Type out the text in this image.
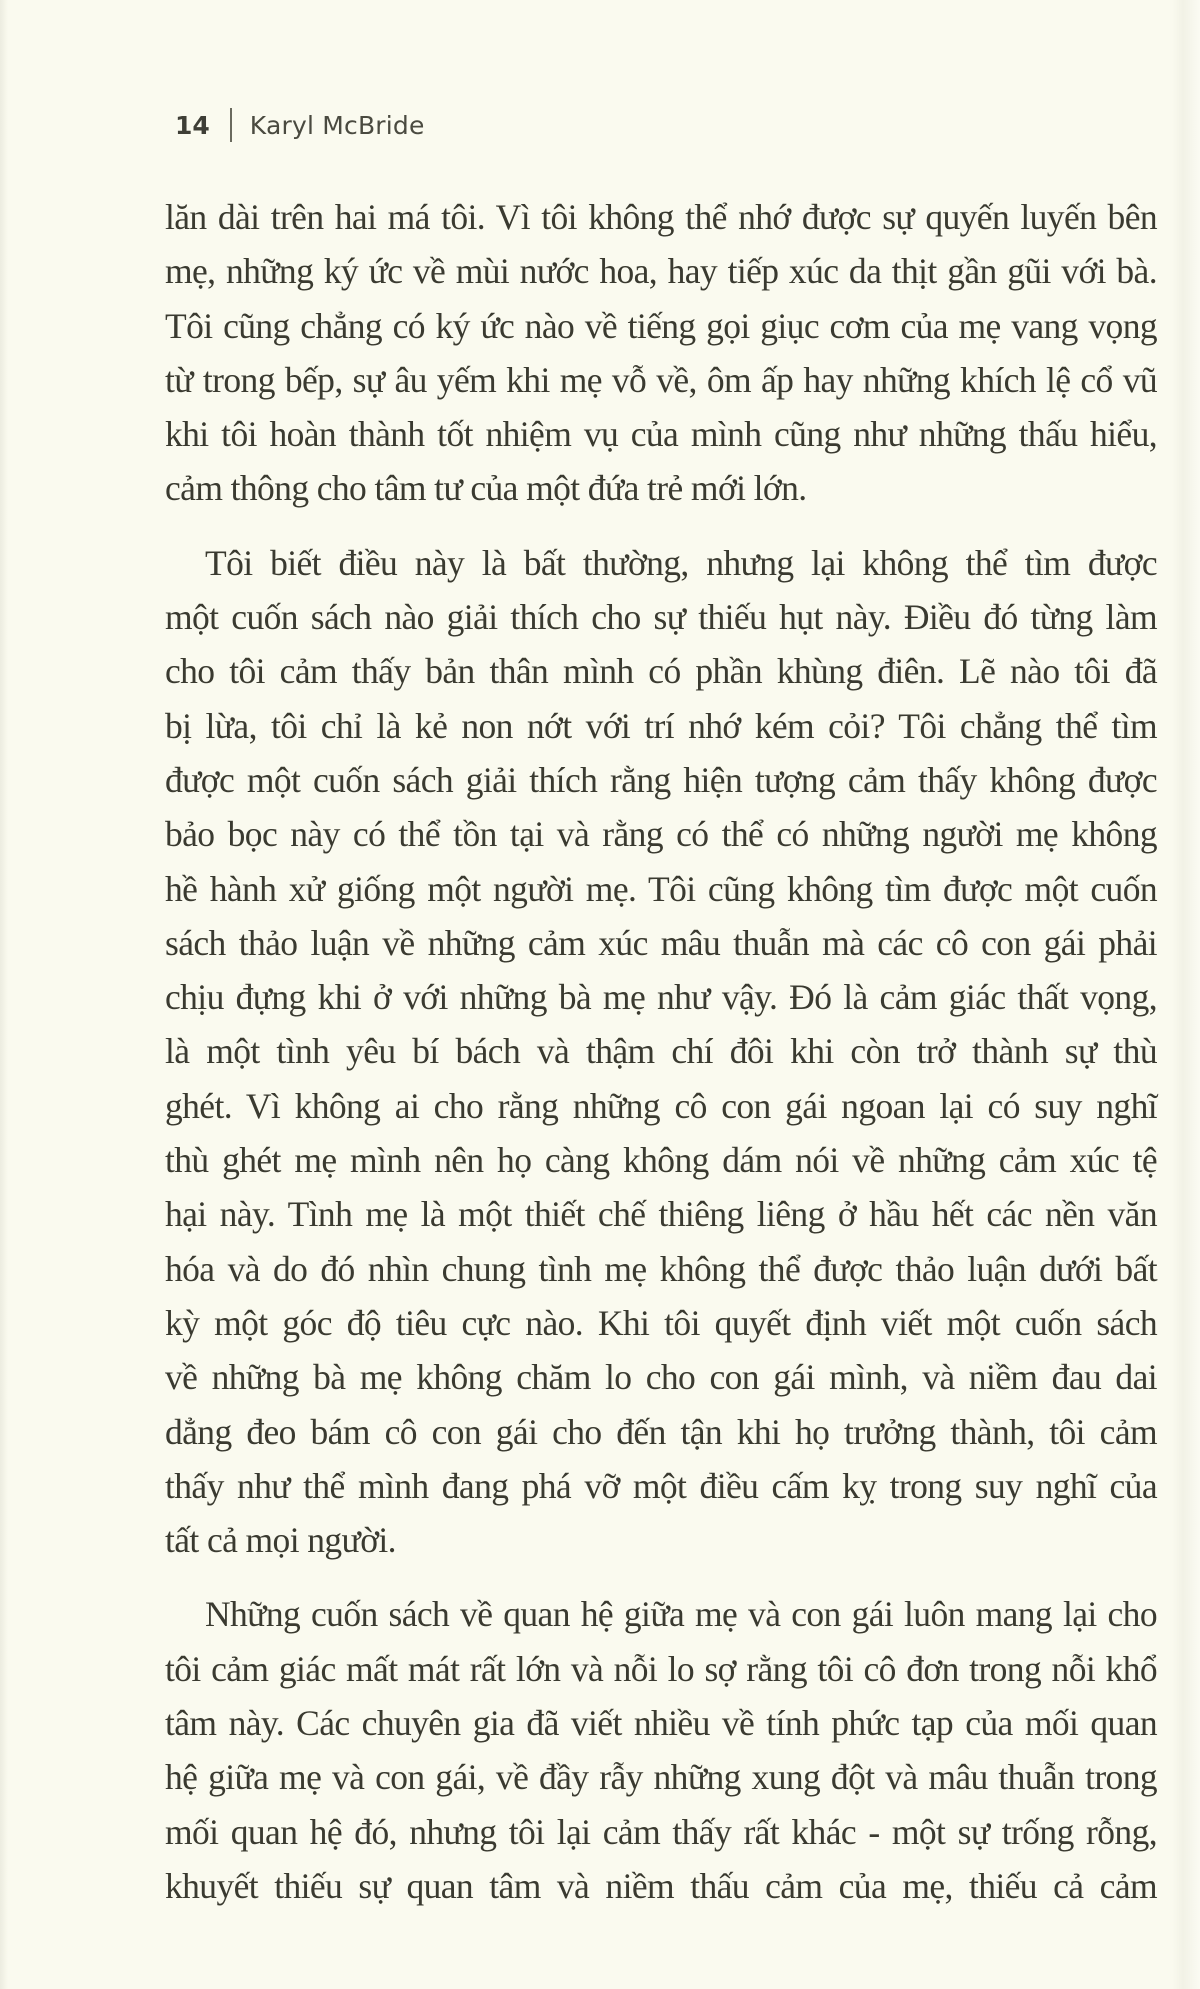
14 Karyl McBride
lăn dài trên hai má tôi. Vì tôi không thể nhớ được sự quyến luyến bên
mẹ, những ký ức về mùi nước hoa, hay tiếp xúc da thịt gần gũi với bà.
Tôi cũng chẳng có ký ức nào về tiếng gọi giục cơm của mẹ vang vọng
từ trong bếp, sự âu yếm khi mẹ vỗ về, ôm ấp hay những khích lệ cổ vũ
khi tôi hoàn thành tốt nhiệm vụ của mình cũng như những thấu hiểu,
cảm thông cho tâm tư của một đứa trẻ mới lớn.
Tôi biết điều này là bất thường, nhưng lại không thể tìm được
một cuốn sách nào giải thích cho sự thiếu hụt này. Điều đó từng làm
cho tôi cảm thấy bản thân mình có phần khùng điên. Lẽ nào tôi đã
bị lừa, tôi chỉ là kẻ non nớt với trí nhớ kém cỏi? Tôi chẳng thể tìm
được một cuốn sách giải thích rằng hiện tượng cảm thấy không được
bảo bọc này có thể tồn tại và rằng có thể có những người mẹ không
hề hành xử giống một người mẹ. Tôi cũng không tìm được một cuốn
sách thảo luận về những cảm xúc mâu thuẫn mà các cô con gái phải
chịu đựng khi ở với những bà mẹ như vậy. Đó là cảm giác thất vọng,
là một tình yêu bí bách và thậm chí đôi khi còn trở thành sự thù
ghét. Vì không ai cho rằng những cô con gái ngoan lại có suy nghĩ
thù ghét mẹ mình nên họ càng không dám nói về những cảm xúc tệ
hại này. Tình mẹ là một thiết chế thiêng liêng ở hầu hết các nền văn
hóa và do đó nhìn chung tình mẹ không thể được thảo luận dưới bất
kỳ một góc độ tiêu cực nào. Khi tôi quyết định viết một cuốn sách
về những bà mẹ không chăm lo cho con gái mình, và niềm đau dai
dẳng đeo bám cô con gái cho đến tận khi họ trưởng thành, tôi cảm
thấy như thể mình đang phá vỡ một điều cấm kỵ trong suy nghĩ của
tất cả mọi người.
Những cuốn sách về quan hệ giữa mẹ và con gái luôn mang lại cho
tôi cảm giác mất mát rất lớn và nỗi lo sợ rằng tôi cô đơn trong nỗi khổ
tâm này. Các chuyên gia đã viết nhiều về tính phức tạp của mối quan
hệ giữa mẹ và con gái, về đầy rẫy những xung đột và mâu thuẫn trong
mối quan hệ đó, nhưng tôi lại cảm thấy rất khác - một sự trống rỗng,
khuyết thiếu sự quan tâm và niềm thấu cảm của mẹ, thiếu cả cảm
